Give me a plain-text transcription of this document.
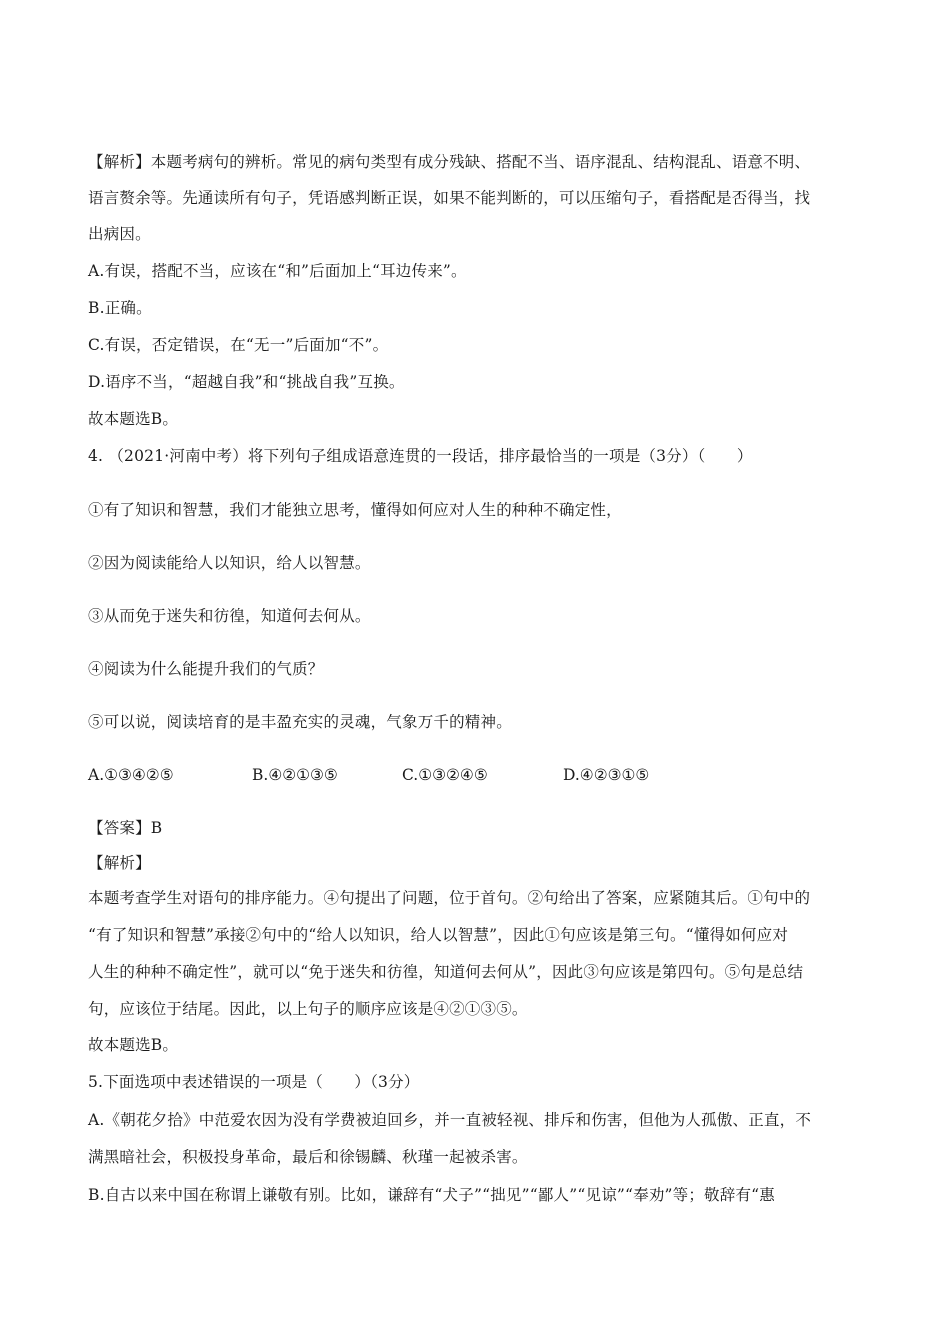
【解析】本题考病句的辨析。常见的病句类型有成分残缺、搭配不当、语序混乱、结构混乱、语意不明、
语言赘余等。先通读所有句子，凭语感判断正误，如果不能判断的，可以压缩句子，看搭配是否得当，找
出病因。
A.有误，搭配不当，应该在“和”后面加上“耳边传来”。
B.正确。
C.有误，否定错误，在“无一”后面加“不”。
D.语序不当，“超越自我”和“挑战自我”互换。
故本题选B。
4. （2021·河南中考）将下列句子组成语意连贯的一段话，排序最恰当的一项是（3分）（　　）
①有了知识和智慧，我们才能独立思考，懂得如何应对人生的种种不确定性，
②因为阅读能给人以知识，给人以智慧。
③从而免于迷失和彷徨，知道何去何从。
④阅读为什么能提升我们的气质？
⑤可以说，阅读培育的是丰盈充实的灵魂，气象万千的精神。
A.①③④②⑤	B.④②①③⑤	C.①③②④⑤	D.④②③①⑤
【答案】B
【解析】
本题考查学生对语句的排序能力。④句提出了问题，位于首句。②句给出了答案，应紧随其后。①句中的
“有了知识和智慧”承接②句中的“给人以知识，给人以智慧”，因此①句应该是第三句。“懂得如何应对
人生的种种不确定性”，就可以“免于迷失和彷徨，知道何去何从”，因此③句应该是第四句。⑤句是总结
句，应该位于结尾。因此，以上句子的顺序应该是④②①③⑤。
故本题选B。
5.下面选项中表述错误的一项是（　　）（3分）
A.《朝花夕拾》中范爱农因为没有学费被迫回乡，并一直被轻视、排斥和伤害，但他为人孤傲、正直，不
满黑暗社会，积极投身革命，最后和徐锡麟、秋瑾一起被杀害。
B.自古以来中国在称谓上谦敬有别。比如，谦辞有“犬子”“拙见”“鄙人”“见谅”“奉劝”等；敬辞有“惠
